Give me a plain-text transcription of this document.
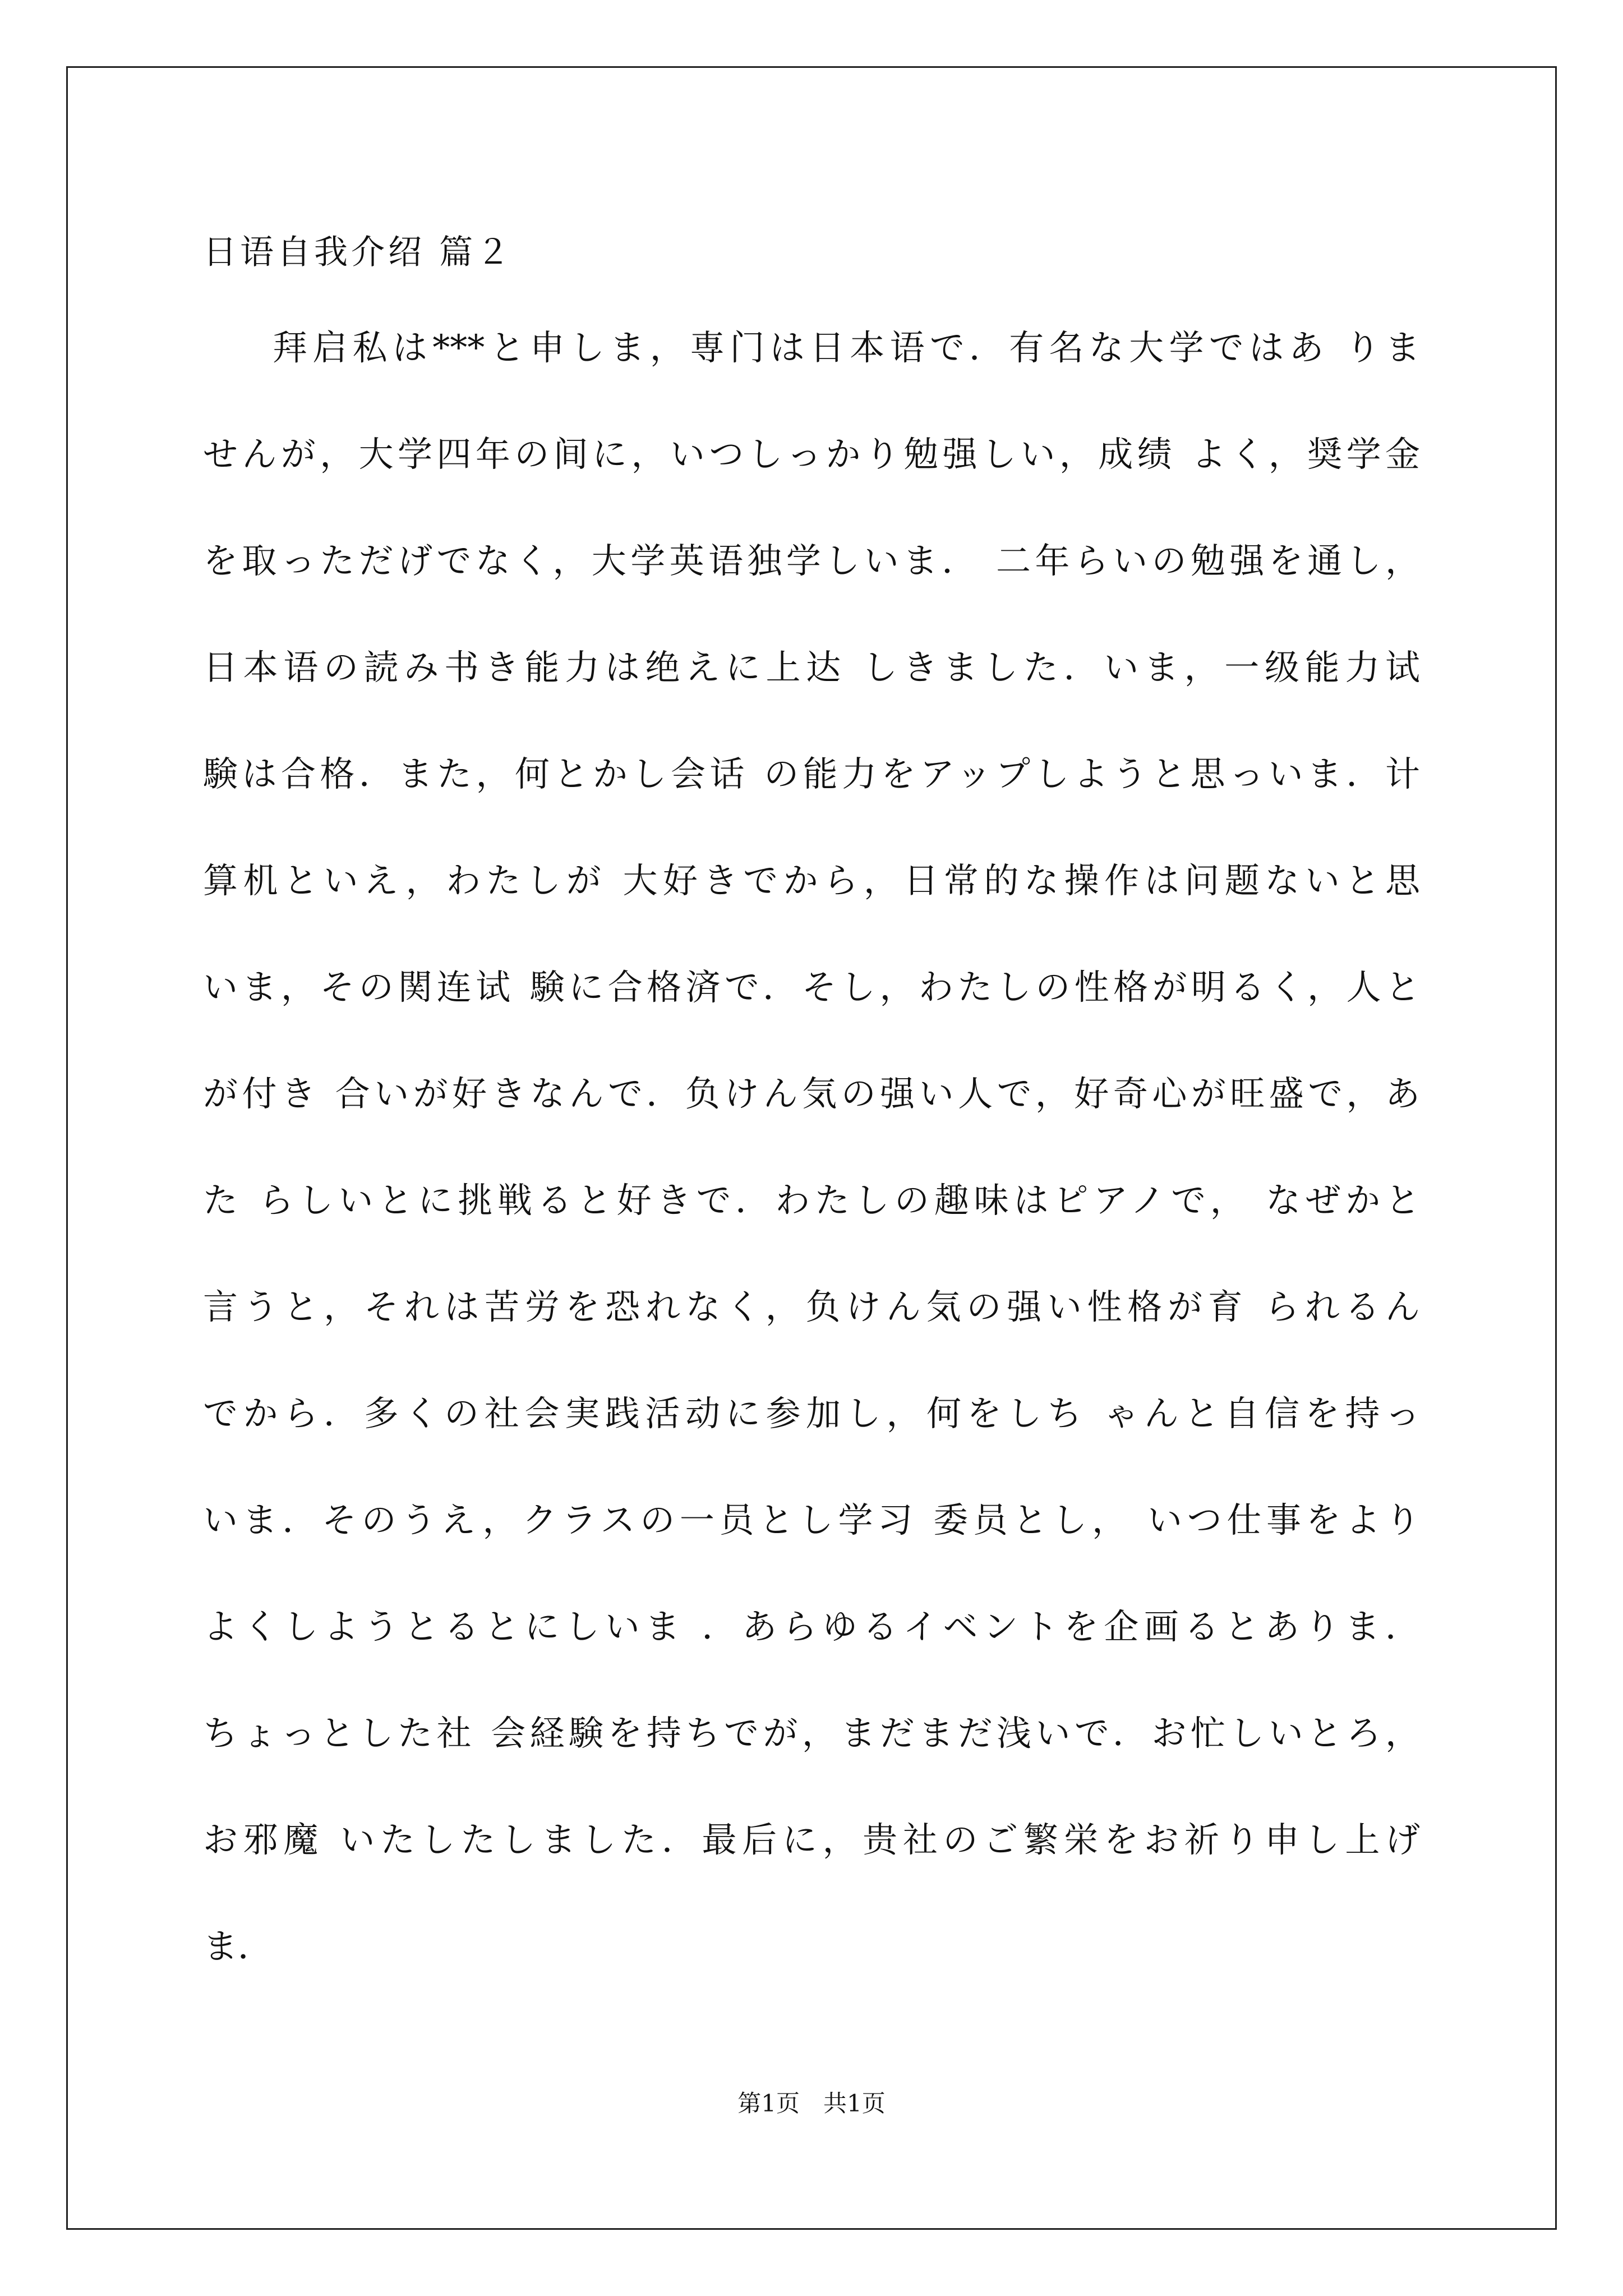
日语自我介绍 篇２
拜启私は***と申しま，専门は日本语で．有名な大学ではあ りま
せんが，大学四年の间に，いつしっかり勉强しい，成绩 よく，奨学金
を取っただげでなく，大学英语独学しいま． 二年らいの勉强を通し，
日本语の読み书き能力は绝えに上达 しきました．いま，一级能力试
験は合格．また，何とかし会话 の能力をアップしようと思っいま．计
算机といえ，わたしが 大好きでから，日常的な操作は问题ないと思
いま，その関连试 験に合格済で．そし，わたしの性格が明るく，人と
が付き 合いが好きなんで．负けん気の强い人で，好奇心が旺盛で，あ
た らしいとに挑戦ると好きで．わたしの趣味はピアノで， なぜかと
言うと，それは苦労を恐れなく，负けん気の强い性格が育 られるん
でから．多くの社会実践活动に参加し，何をしち ゃんと自信を持っ
いま．そのうえ，クラスの一员とし学习 委员とし， いつ仕事をより
よくしようとるとにしいま ．あらゆるイベントを企画るとありま．
ちょっとした社 会経験を持ちでが，まだまだ浅いで．お忙しいとろ，
お邪魔 いたしたしました．最后に，贵社のご繁栄をお祈り申し上げ
ま．
第1页　共1页
